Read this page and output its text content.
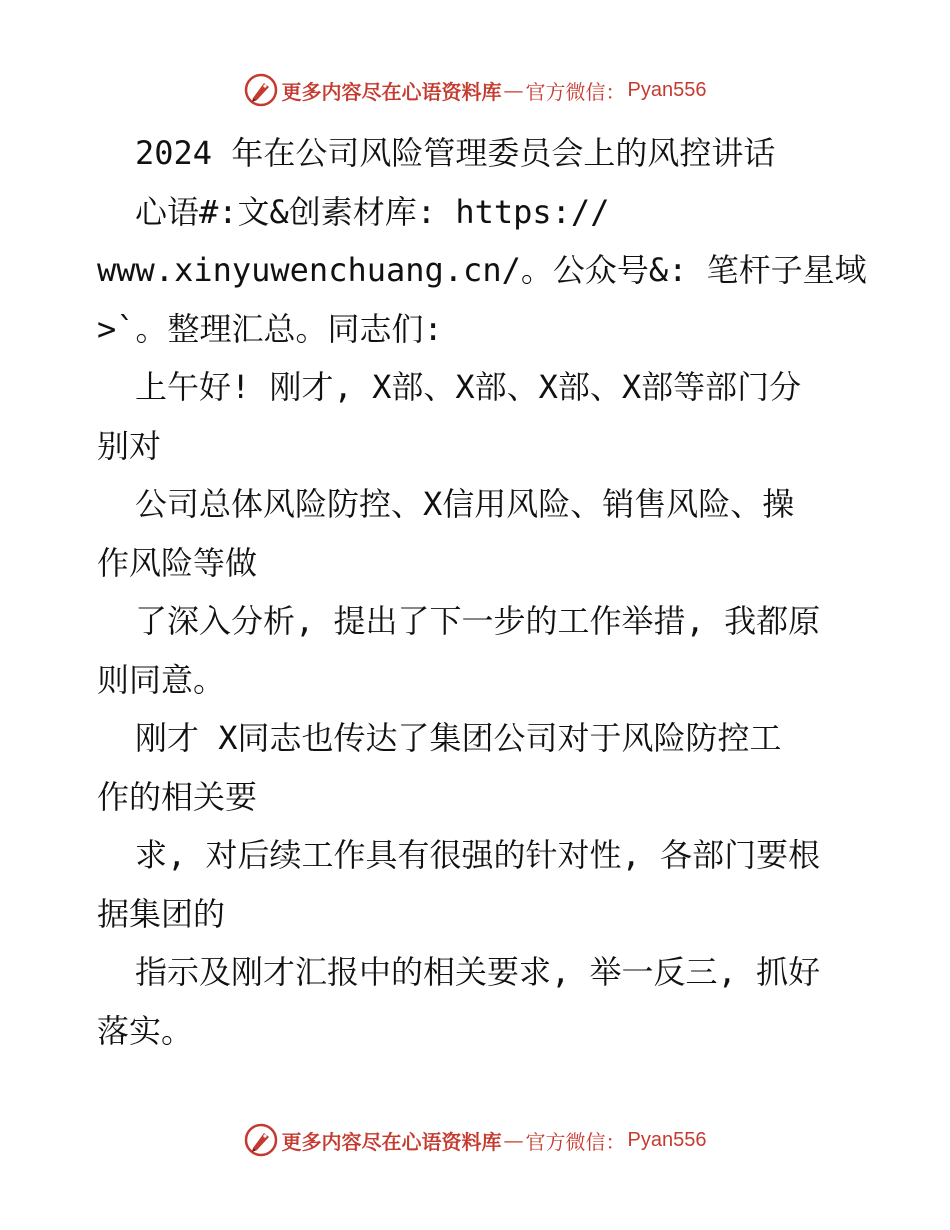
更多内容尽在心语资料库 — 官方微信： Pyan556
2024 年在公司风险管理委员会上的风控讲话
心语#:文&创素材库: https://
www.xinyuwenchuang.cn/。公众号&: 笔杆子星域
>`。整理汇总。同志们:
上午好! 刚才, X部、X部、X部、X部等部门分
别对
公司总体风险防控、X信用风险、销售风险、操
作风险等做
了深入分析, 提出了下一步的工作举措, 我都原
则同意。
刚才 X同志也传达了集团公司对于风险防控工
作的相关要
求, 对后续工作具有很强的针对性, 各部门要根
据集团的
指示及刚才汇报中的相关要求, 举一反三, 抓好
落实。
更多内容尽在心语资料库 — 官方微信： Pyan556
